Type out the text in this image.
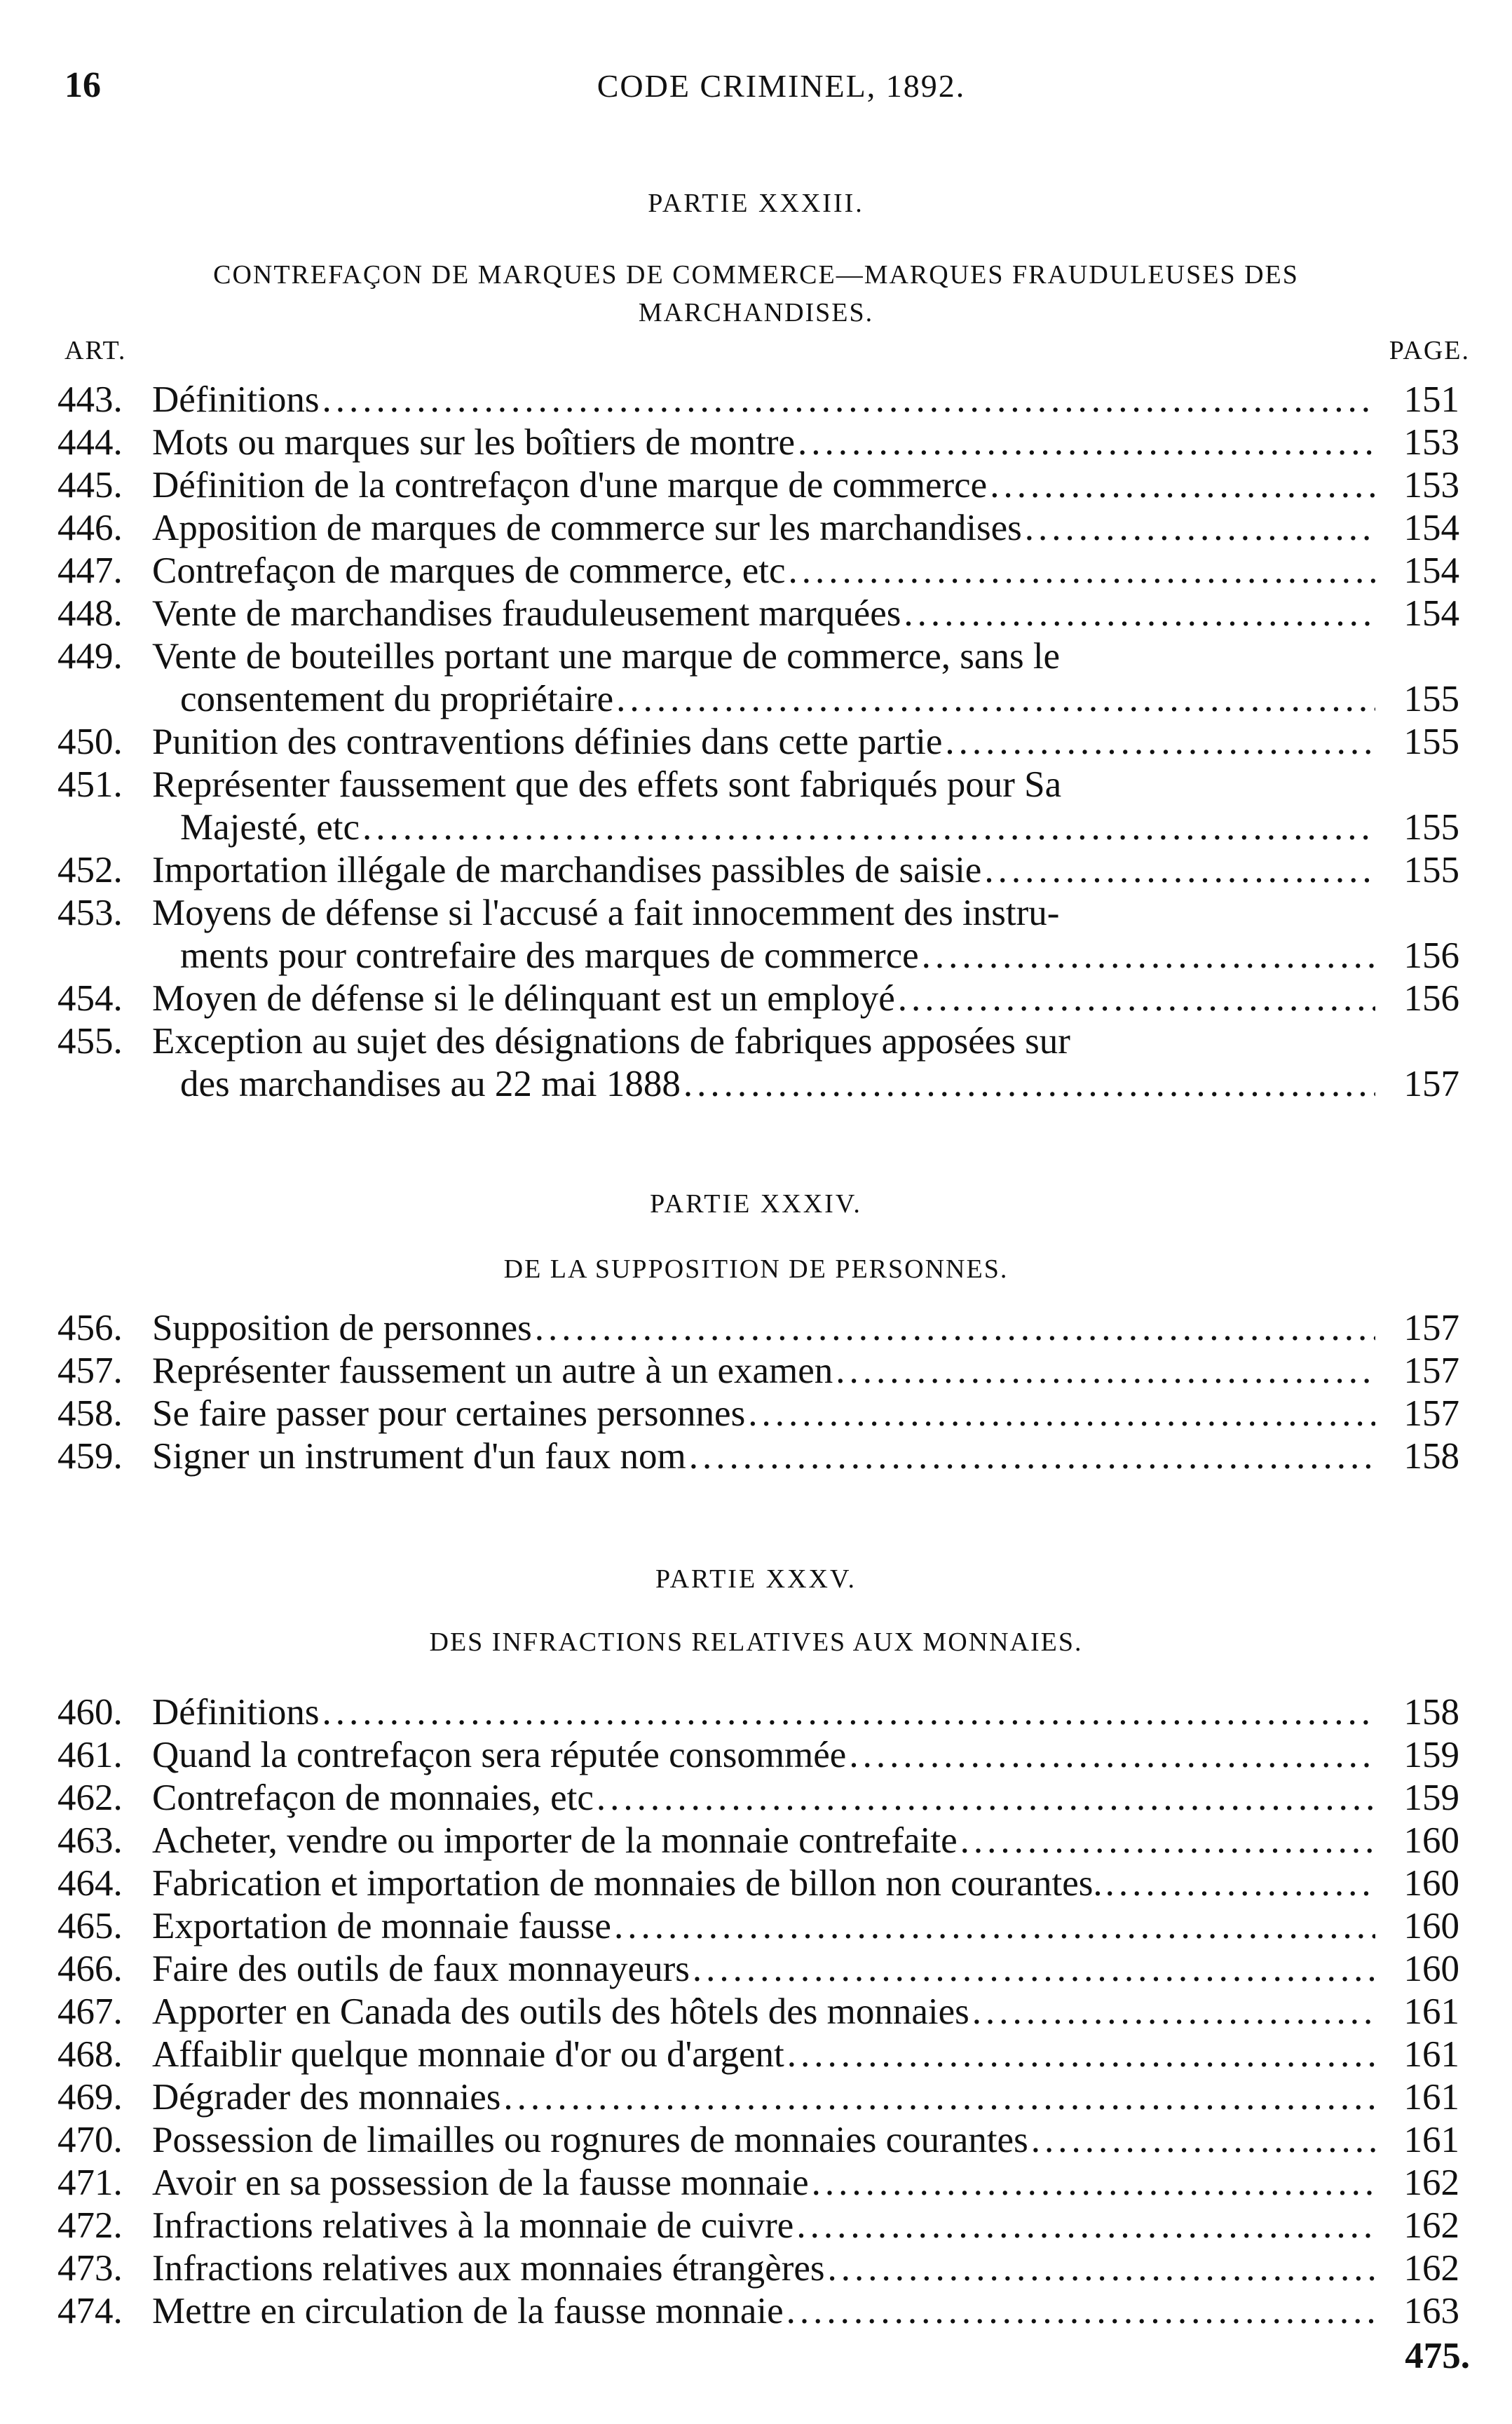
16	CODE CRIMINEL, 1892.
PARTIE XXXIII.
CONTREFAÇON DE MARQUES DE COMMERCE—MARQUES FRAUDULEUSES DES MARCHANDISES.
ART.	PAGE.
443. Définitions .....	151
444. Mots ou marques sur les boîtiers de montre .....	153
445. Définition de la contrefaçon d'une marque de commerce .....	153
446. Apposition de marques de commerce sur les marchandises .....	154
447. Contrefaçon de marques de commerce, etc .....	154
448. Vente de marchandises frauduleusement marquées .....	154
449. Vente de bouteilles portant une marque de commerce, sans le
consentement du propriétaire .....	155
450. Punition des contraventions définies dans cette partie .....	155
451. Représenter faussement que des effets sont fabriqués pour Sa
Majesté, etc .....	155
452. Importation illégale de marchandises passibles de saisie .....	155
453. Moyens de défense si l'accusé a fait innocemment des instru-
ments pour contrefaire des marques de commerce .....	156
454. Moyen de défense si le délinquant est un employé .....	156
455. Exception au sujet des désignations de fabriques apposées sur
des marchandises au 22 mai 1888 .....	157
PARTIE XXXIV.
DE LA SUPPOSITION DE PERSONNES.
456. Supposition de personnes .....	157
457. Représenter faussement un autre à un examen .....	157
458. Se faire passer pour certaines personnes .....	157
459. Signer un instrument d'un faux nom .....	158
PARTIE XXXV.
DES INFRACTIONS RELATIVES AUX MONNAIES.
460. Définitions .....	158
461. Quand la contrefaçon sera réputée consommée .....	159
462. Contrefaçon de monnaies, etc .....	159
463. Acheter, vendre ou importer de la monnaie contrefaite .....	160
464. Fabrication et importation de monnaies de billon non courantes. .....	160
465. Exportation de monnaie fausse .....	160
466. Faire des outils de faux monnayeurs .....	160
467. Apporter en Canada des outils des hôtels des monnaies .....	161
468. Affaiblir quelque monnaie d'or ou d'argent .....	161
469. Dégrader des monnaies .....	161
470. Possession de limailles ou rognures de monnaies courantes .....	161
471. Avoir en sa possession de la fausse monnaie .....	162
472. Infractions relatives à la monnaie de cuivre .....	162
473. Infractions relatives aux monnaies étrangères .....	162
474. Mettre en circulation de la fausse monnaie .....	163
475.
